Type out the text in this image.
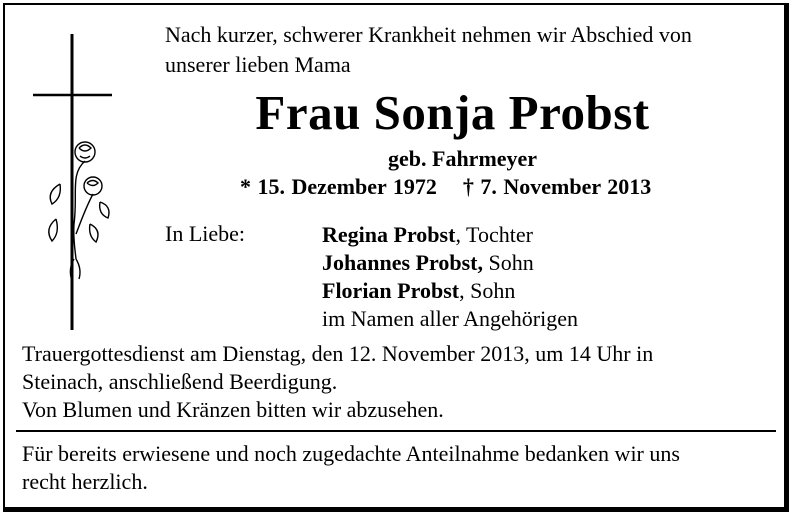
Nach kurzer, schwerer Krankheit nehmen wir Abschied von
unserer lieben Mama
Frau Sonja Probst
geb. Fahrmeyer
* 15. Dezember 1972 † 7. November 2013
In Liebe:	Regina Probst, Tochter
Johannes Probst, Sohn
Florian Probst, Sohn
im Namen aller Angehörigen
Trauergottesdienst am Dienstag, den 12. November 2013, um 14 Uhr in
Steinach, anschließend Beerdigung.
Von Blumen und Kränzen bitten wir abzusehen.
Für bereits erwiesene und noch zugedachte Anteilnahme bedanken wir uns
recht herzlich.
